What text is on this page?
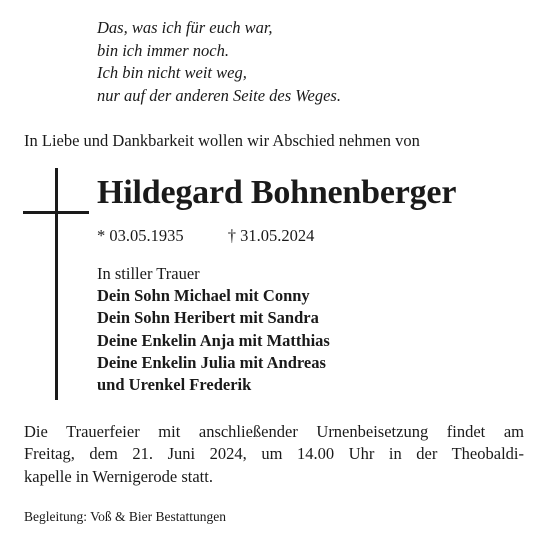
Das, was ich für euch war,
bin ich immer noch.
Ich bin nicht weit weg,
nur auf der anderen Seite des Weges.
In Liebe und Dankbarkeit wollen wir Abschied nehmen von
Hildegard Bohnenberger
* 03.05.1935	† 31.05.2024
In stiller Trauer
Dein Sohn Michael mit Conny
Dein Sohn Heribert mit Sandra
Deine Enkelin Anja mit Matthias
Deine Enkelin Julia mit Andreas
und Urenkel Frederik
Die Trauerfeier mit anschließender Urnenbeisetzung findet am
Freitag, dem 21. Juni 2024, um 14.00 Uhr in der Theobaldi-
kapelle in Wernigerode statt.
Begleitung: Voß & Bier Bestattungen
